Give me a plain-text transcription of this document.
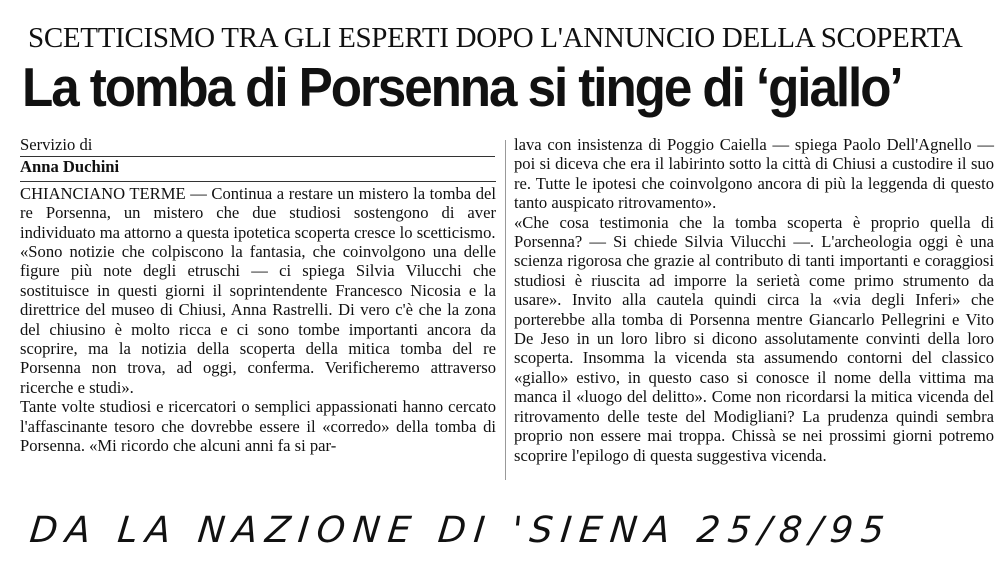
SCETTICISMO TRA GLI ESPERTI DOPO L'ANNUNCIO DELLA SCOPERTA
La tomba di Porsenna si tinge di ‘giallo’
Servizio di
Anna Duchini

CHIANCIANO TERME — Continua a restare un mistero la tomba del re Porsenna, un mistero che due studiosi sostengono di aver individuato ma attorno a questa ipotetica scoperta cresce lo scetticismo.

«Sono notizie che colpiscono la fantasia, che coinvolgono una delle figure più note degli etruschi — ci spiega Silvia Vilucchi che sostituisce in questi giorni il soprintendente Francesco Nicosia e la direttrice del museo di Chiusi, Anna Rastrelli. Di vero c'è che la zona del chiusino è molto ricca e ci sono tombe importanti ancora da scoprire, ma la notizia della scoperta della mitica tomba del re Porsenna non trova, ad oggi, conferma. Verificheremo attraverso ricerche e studi».

Tante volte studiosi e ricercatori o semplici appassionati hanno cercato l'affascinante tesoro che dovrebbe essere il «corredo» della tomba di Porsenna. «Mi ricordo che alcuni anni fa si par-

lava con insistenza di Poggio Caiella — spiega Paolo Dell'Agnello — poi si diceva che era il labirinto sotto la città di Chiusi a custodire il suo re. Tutte le ipotesi che coinvolgono ancora di più la leggenda di questo tanto auspicato ritrovamento».

«Che cosa testimonia che la tomba scoperta è proprio quella di Porsenna? — Si chiede Silvia Vilucchi —. L'archeologia oggi è una scienza rigorosa che grazie al contributo di tanti importanti e coraggiosi studiosi è riuscita ad imporre la serietà come primo strumento da usare». Invito alla cautela quindi circa la «via degli Inferi» che porterebbe alla tomba di Porsenna mentre Giancarlo Pellegrini e Vito De Jeso in un loro libro si dicono assolutamente convinti della loro scoperta. Insomma la vicenda sta assumendo contorni del classico «giallo» estivo, in questo caso si conosce il nome della vittima ma manca il «luogo del delitto». Come non ricordarsi la mitica vicenda del ritrovamento delle teste del Modigliani? La prudenza quindi sembra proprio non essere mai troppa. Chissà se nei prossimi giorni potremo scoprire l'epilogo di questa suggestiva vicenda.

DA LA NAZIONE DI 'SIENA 25/8/95
